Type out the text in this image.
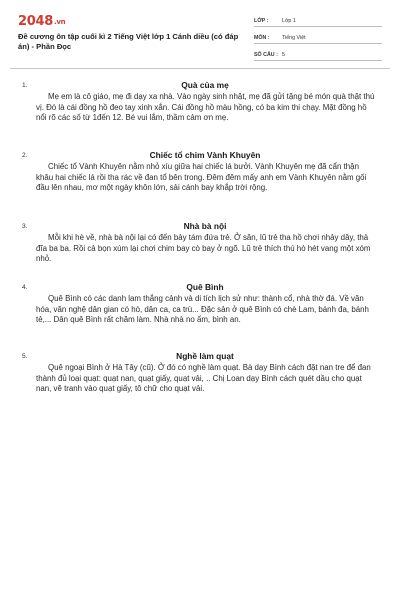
2048.vn
Đề cương ôn tập cuối kì 2 Tiếng Việt lớp 1 Cánh diều (có đáp án) - Phần Đọc
LỚP :	Lớp 1
MÔN :	Tiếng Việt
SỐ CÂU : 5
1.	Quà của mẹ
Mẹ em là cô giáo, mẹ đi dạy xa nhà. Vào ngày sinh nhật, mẹ đã gửi tặng bé món quà thật thú vị. Đó là cái đồng hồ đeo tay xinh xắn. Cái đồng hồ màu hồng, có ba kim thi chạy. Mặt đồng hồ nổi rõ các số từ 1đến 12. Bé vui lắm, thầm cảm ơn mẹ.
2.	Chiếc tổ chim Vành Khuyên
Chiếc tổ Vành Khuyên nằm nhỏ xíu giữa hai chiếc lá bưởi. Vành Khuyên mẹ đã cẩn thận khâu hai chiếc lá rồi tha rác về đan tổ bên trong. Đêm đêm mấy anh em Vành Khuyên nằm gối đầu lên nhau, mơ một ngày khôn lớn, sải cánh bay khắp trời rộng.
3.	Nhà bà nội
Mỗi khi hè về, nhà bà nội lại có đến bảy tám đứa trẻ. Ở sân, lũ trẻ tha hồ chơi nhảy dây, thả đĩa ba ba. Rồi cả bọn xúm lại chơi chim bay cò bay ở ngõ. Lũ trẻ thích thú hò hét vang một xóm nhỏ.
4.	Quê Bình
Quê Bình có các danh lam thắng cảnh và di tích lịch sử như: thành cổ, nhà thờ đá. Về văn hóa, văn nghệ dân gian có hò, dân ca, ca trù... Đặc sản ở quê Bình có chè Lam, bánh đa, bánh tẻ,... Dân quê Bình rất chăm làm. Nhà nhà no ấm, bình an.
5.	Nghề làm quạt
Quê ngoại Bình ở Hà Tây (cũ). Ở đó có nghề làm quạt. Bà dạy Bình cách đặt nan tre để đan thành đủ loại quạt: quạt nan, quạt giấy, quạt vải, .. Chị Loan dạy Bình cách quét dầu cho quạt nan, vẽ tranh vào quạt giấy, tô chữ cho quạt vải.
